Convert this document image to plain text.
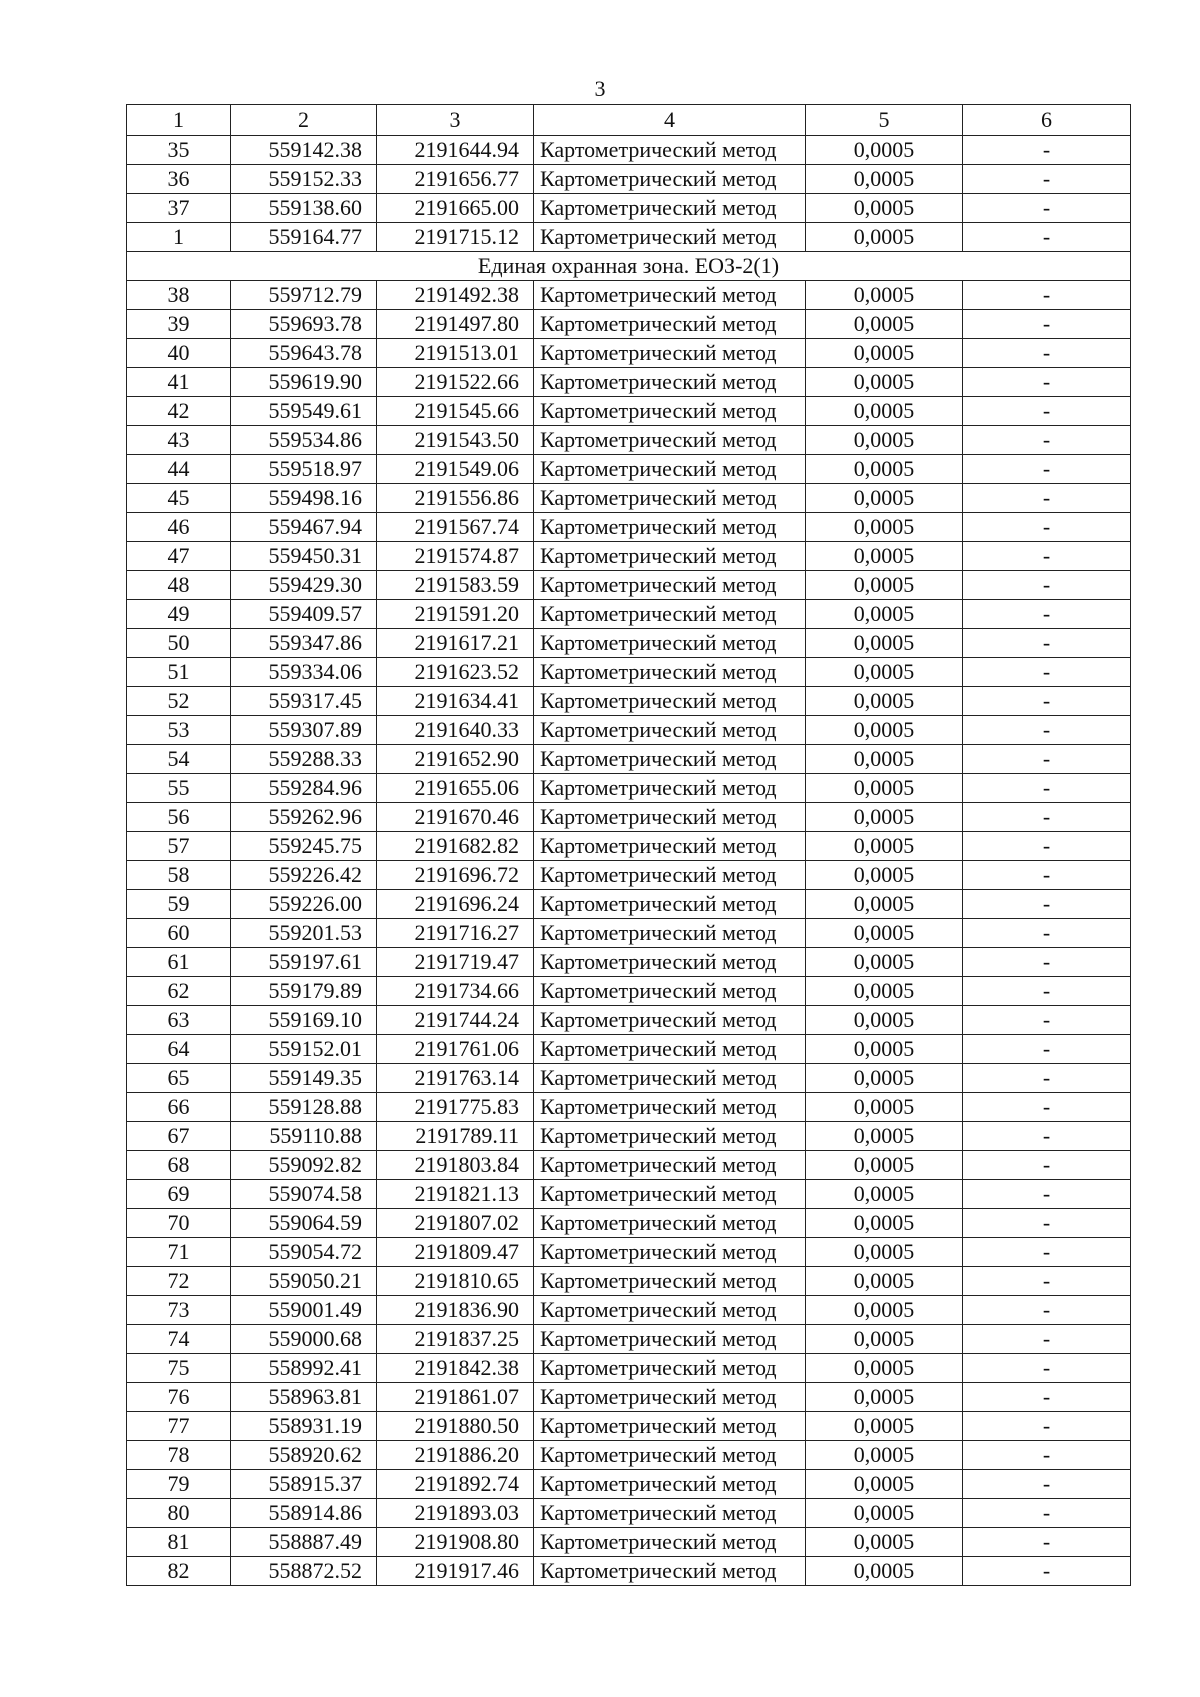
3
1	2	3	4	5	6
35	559142.38	2191644.94	Картометрический метод	0,0005	-
36	559152.33	2191656.77	Картометрический метод	0,0005	-
37	559138.60	2191665.00	Картометрический метод	0,0005	-
1	559164.77	2191715.12	Картометрический метод	0,0005	-
Единая охранная зона. ЕОЗ-2(1)					
38	559712.79	2191492.38	Картометрический метод	0,0005	-
39	559693.78	2191497.80	Картометрический метод	0,0005	-
40	559643.78	2191513.01	Картометрический метод	0,0005	-
41	559619.90	2191522.66	Картометрический метод	0,0005	-
42	559549.61	2191545.66	Картометрический метод	0,0005	-
43	559534.86	2191543.50	Картометрический метод	0,0005	-
44	559518.97	2191549.06	Картометрический метод	0,0005	-
45	559498.16	2191556.86	Картометрический метод	0,0005	-
46	559467.94	2191567.74	Картометрический метод	0,0005	-
47	559450.31	2191574.87	Картометрический метод	0,0005	-
48	559429.30	2191583.59	Картометрический метод	0,0005	-
49	559409.57	2191591.20	Картометрический метод	0,0005	-
50	559347.86	2191617.21	Картометрический метод	0,0005	-
51	559334.06	2191623.52	Картометрический метод	0,0005	-
52	559317.45	2191634.41	Картометрический метод	0,0005	-
53	559307.89	2191640.33	Картометрический метод	0,0005	-
54	559288.33	2191652.90	Картометрический метод	0,0005	-
55	559284.96	2191655.06	Картометрический метод	0,0005	-
56	559262.96	2191670.46	Картометрический метод	0,0005	-
57	559245.75	2191682.82	Картометрический метод	0,0005	-
58	559226.42	2191696.72	Картометрический метод	0,0005	-
59	559226.00	2191696.24	Картометрический метод	0,0005	-
60	559201.53	2191716.27	Картометрический метод	0,0005	-
61	559197.61	2191719.47	Картометрический метод	0,0005	-
62	559179.89	2191734.66	Картометрический метод	0,0005	-
63	559169.10	2191744.24	Картометрический метод	0,0005	-
64	559152.01	2191761.06	Картометрический метод	0,0005	-
65	559149.35	2191763.14	Картометрический метод	0,0005	-
66	559128.88	2191775.83	Картометрический метод	0,0005	-
67	559110.88	2191789.11	Картометрический метод	0,0005	-
68	559092.82	2191803.84	Картометрический метод	0,0005	-
69	559074.58	2191821.13	Картометрический метод	0,0005	-
70	559064.59	2191807.02	Картометрический метод	0,0005	-
71	559054.72	2191809.47	Картометрический метод	0,0005	-
72	559050.21	2191810.65	Картометрический метод	0,0005	-
73	559001.49	2191836.90	Картометрический метод	0,0005	-
74	559000.68	2191837.25	Картометрический метод	0,0005	-
75	558992.41	2191842.38	Картометрический метод	0,0005	-
76	558963.81	2191861.07	Картометрический метод	0,0005	-
77	558931.19	2191880.50	Картометрический метод	0,0005	-
78	558920.62	2191886.20	Картометрический метод	0,0005	-
79	558915.37	2191892.74	Картометрический метод	0,0005	-
80	558914.86	2191893.03	Картометрический метод	0,0005	-
81	558887.49	2191908.80	Картометрический метод	0,0005	-
82	558872.52	2191917.46	Картометрический метод	0,0005	-
